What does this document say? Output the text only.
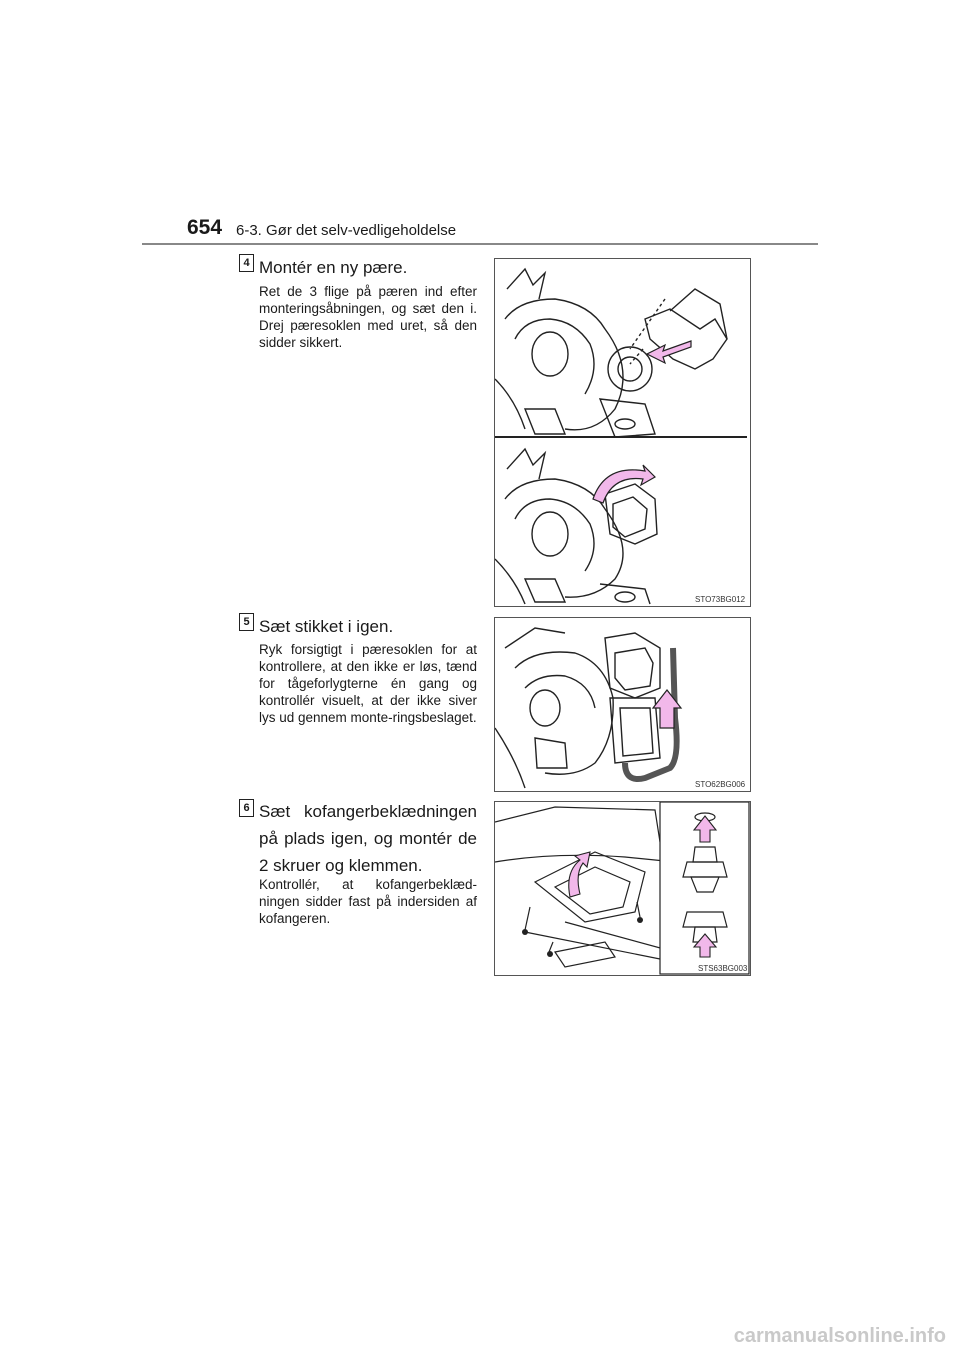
654 6-3. Gør det selv-vedligeholdelse
4 Montér en ny pære.
Ret de 3 flige på pæren ind efter monteringsåbningen, og sæt den i. Drej pæresoklen med uret, så den sidder sikkert.
STO73BG012
5 Sæt stikket i igen.
Ryk forsigtigt i pæresoklen for at kontrollere, at den ikke er løs, tænd for tågeforlygterne én gang og kontrollér visuelt, at der ikke siver lys ud gennem monte-ringsbeslaget.
STO62BG006
6 Sæt kofangerbeklædningen på plads igen, og montér de 2 skruer og klemmen.
Kontrollér, at kofangerbeklæd-ningen sidder fast på indersiden af kofangeren.
STS63BG003
carmanualsonline.info
